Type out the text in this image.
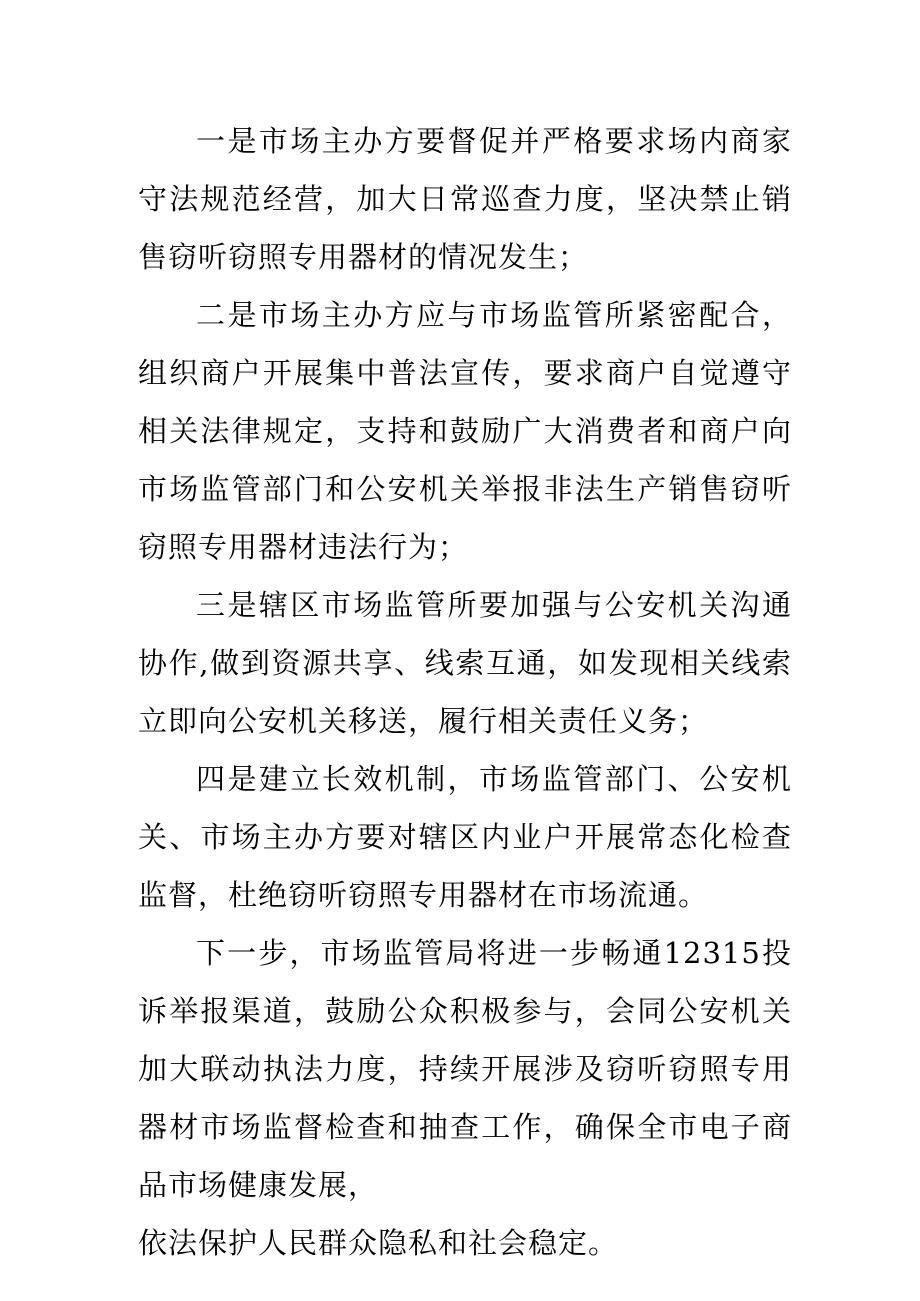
一是市场主办方要督促并严格要求场内商家守法规范经营，加大日常巡查力度，坚决禁止销售窃听窃照专用器材的情况发生；

二是市场主办方应与市场监管所紧密配合，组织商户开展集中普法宣传，要求商户自觉遵守相关法律规定，支持和鼓励广大消费者和商户向市场监管部门和公安机关举报非法生产销售窃听窃照专用器材违法行为；

三是辖区市场监管所要加强与公安机关沟通协作,做到资源共享、线索互通，如发现相关线索立即向公安机关移送，履行相关责任义务；

四是建立长效机制，市场监管部门、公安机关、市场主办方要对辖区内业户开展常态化检查监督，杜绝窃听窃照专用器材在市场流通。

下一步，市场监管局将进一步畅通12315投诉举报渠道，鼓励公众积极参与，会同公安机关加大联动执法力度，持续开展涉及窃听窃照专用器材市场监督检查和抽查工作，确保全市电子商品市场健康发展，

依法保护人民群众隐私和社会稳定。
